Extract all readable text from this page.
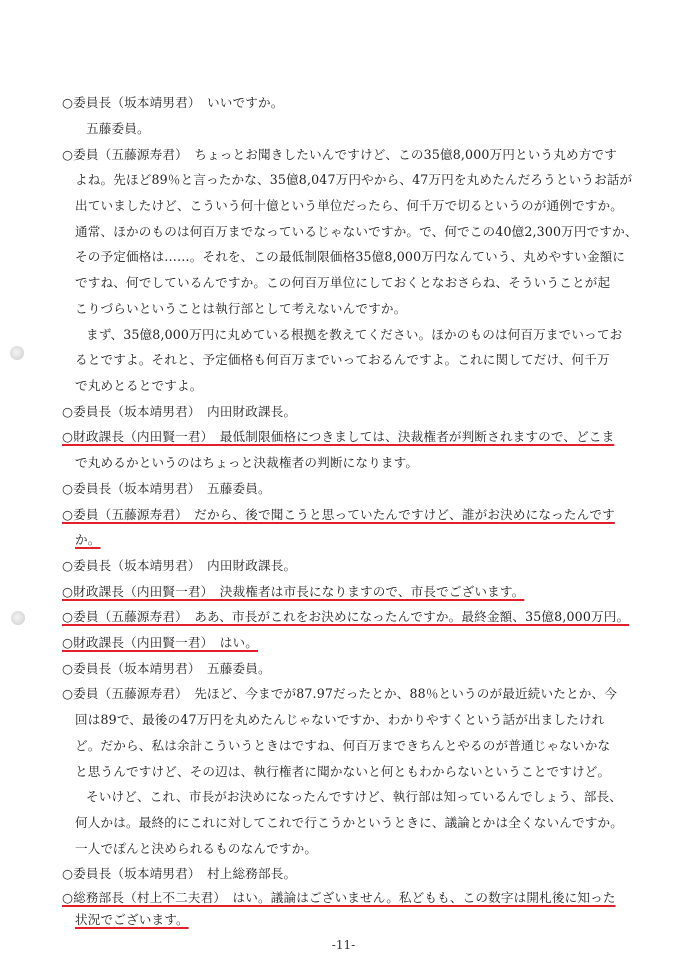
○委員長（坂本靖男君）　いいですか。
五藤委員。
○委員（五藤源寿君）　ちょっとお聞きしたいんですけど、この35億8,000万円という丸め方です
よね。先ほど89％と言ったかな、35億8,047万円やから、47万円を丸めたんだろうというお話が
出ていましたけど、こういう何十億という単位だったら、何千万で切るというのが通例ですか。
通常、ほかのものは何百万までなっているじゃないですか。で、何でこの40億2,300万円ですか、
その予定価格は……。それを、この最低制限価格35億8,000万円なんていう、丸めやすい金額に
ですね、何でしているんですか。この何百万単位にしておくとなおさらね、そういうことが起
こりづらいということは執行部として考えないんですか。
まず、35億8,000万円に丸めている根拠を教えてください。ほかのものは何百万までいってお
るとですよ。それと、予定価格も何百万までいっておるんですよ。これに関してだけ、何千万
で丸めとるとですよ。
○委員長（坂本靖男君）　内田財政課長。
○財政課長（内田賢一君）　最低制限価格につきましては、決裁権者が判断されますので、どこま
で丸めるかというのはちょっと決裁権者の判断になります。
○委員長（坂本靖男君）　五藤委員。
○委員（五藤源寿君）　だから、後で聞こうと思っていたんですけど、誰がお決めになったんです
か。
○委員長（坂本靖男君）　内田財政課長。
○財政課長（内田賢一君）　決裁権者は市長になりますので、市長でございます。
○委員（五藤源寿君）　ああ、市長がこれをお決めになったんですか。最終金額、35億8,000万円。
○財政課長（内田賢一君）　はい。
○委員長（坂本靖男君）　五藤委員。
○委員（五藤源寿君）　先ほど、今までが87.97だったとか、88％というのが最近続いたとか、今
回は89で、最後の47万円を丸めたんじゃないですか、わかりやすくという話が出ましたけれ
ど。だから、私は余計こういうときはですね、何百万まできちんとやるのが普通じゃないかな
と思うんですけど、その辺は、執行権者に聞かないと何ともわからないということですけど。
そいけど、これ、市長がお決めになったんですけど、執行部は知っているんでしょう、部長、
何人かは。最終的にこれに対してこれで行こうかというときに、議論とかは全くないんですか。
一人でぽんと決められるものなんですか。
○委員長（坂本靖男君）　村上総務部長。
○総務部長（村上不二夫君）　はい。議論はございません。私どもも、この数字は開札後に知った
状況でございます。
-11-
